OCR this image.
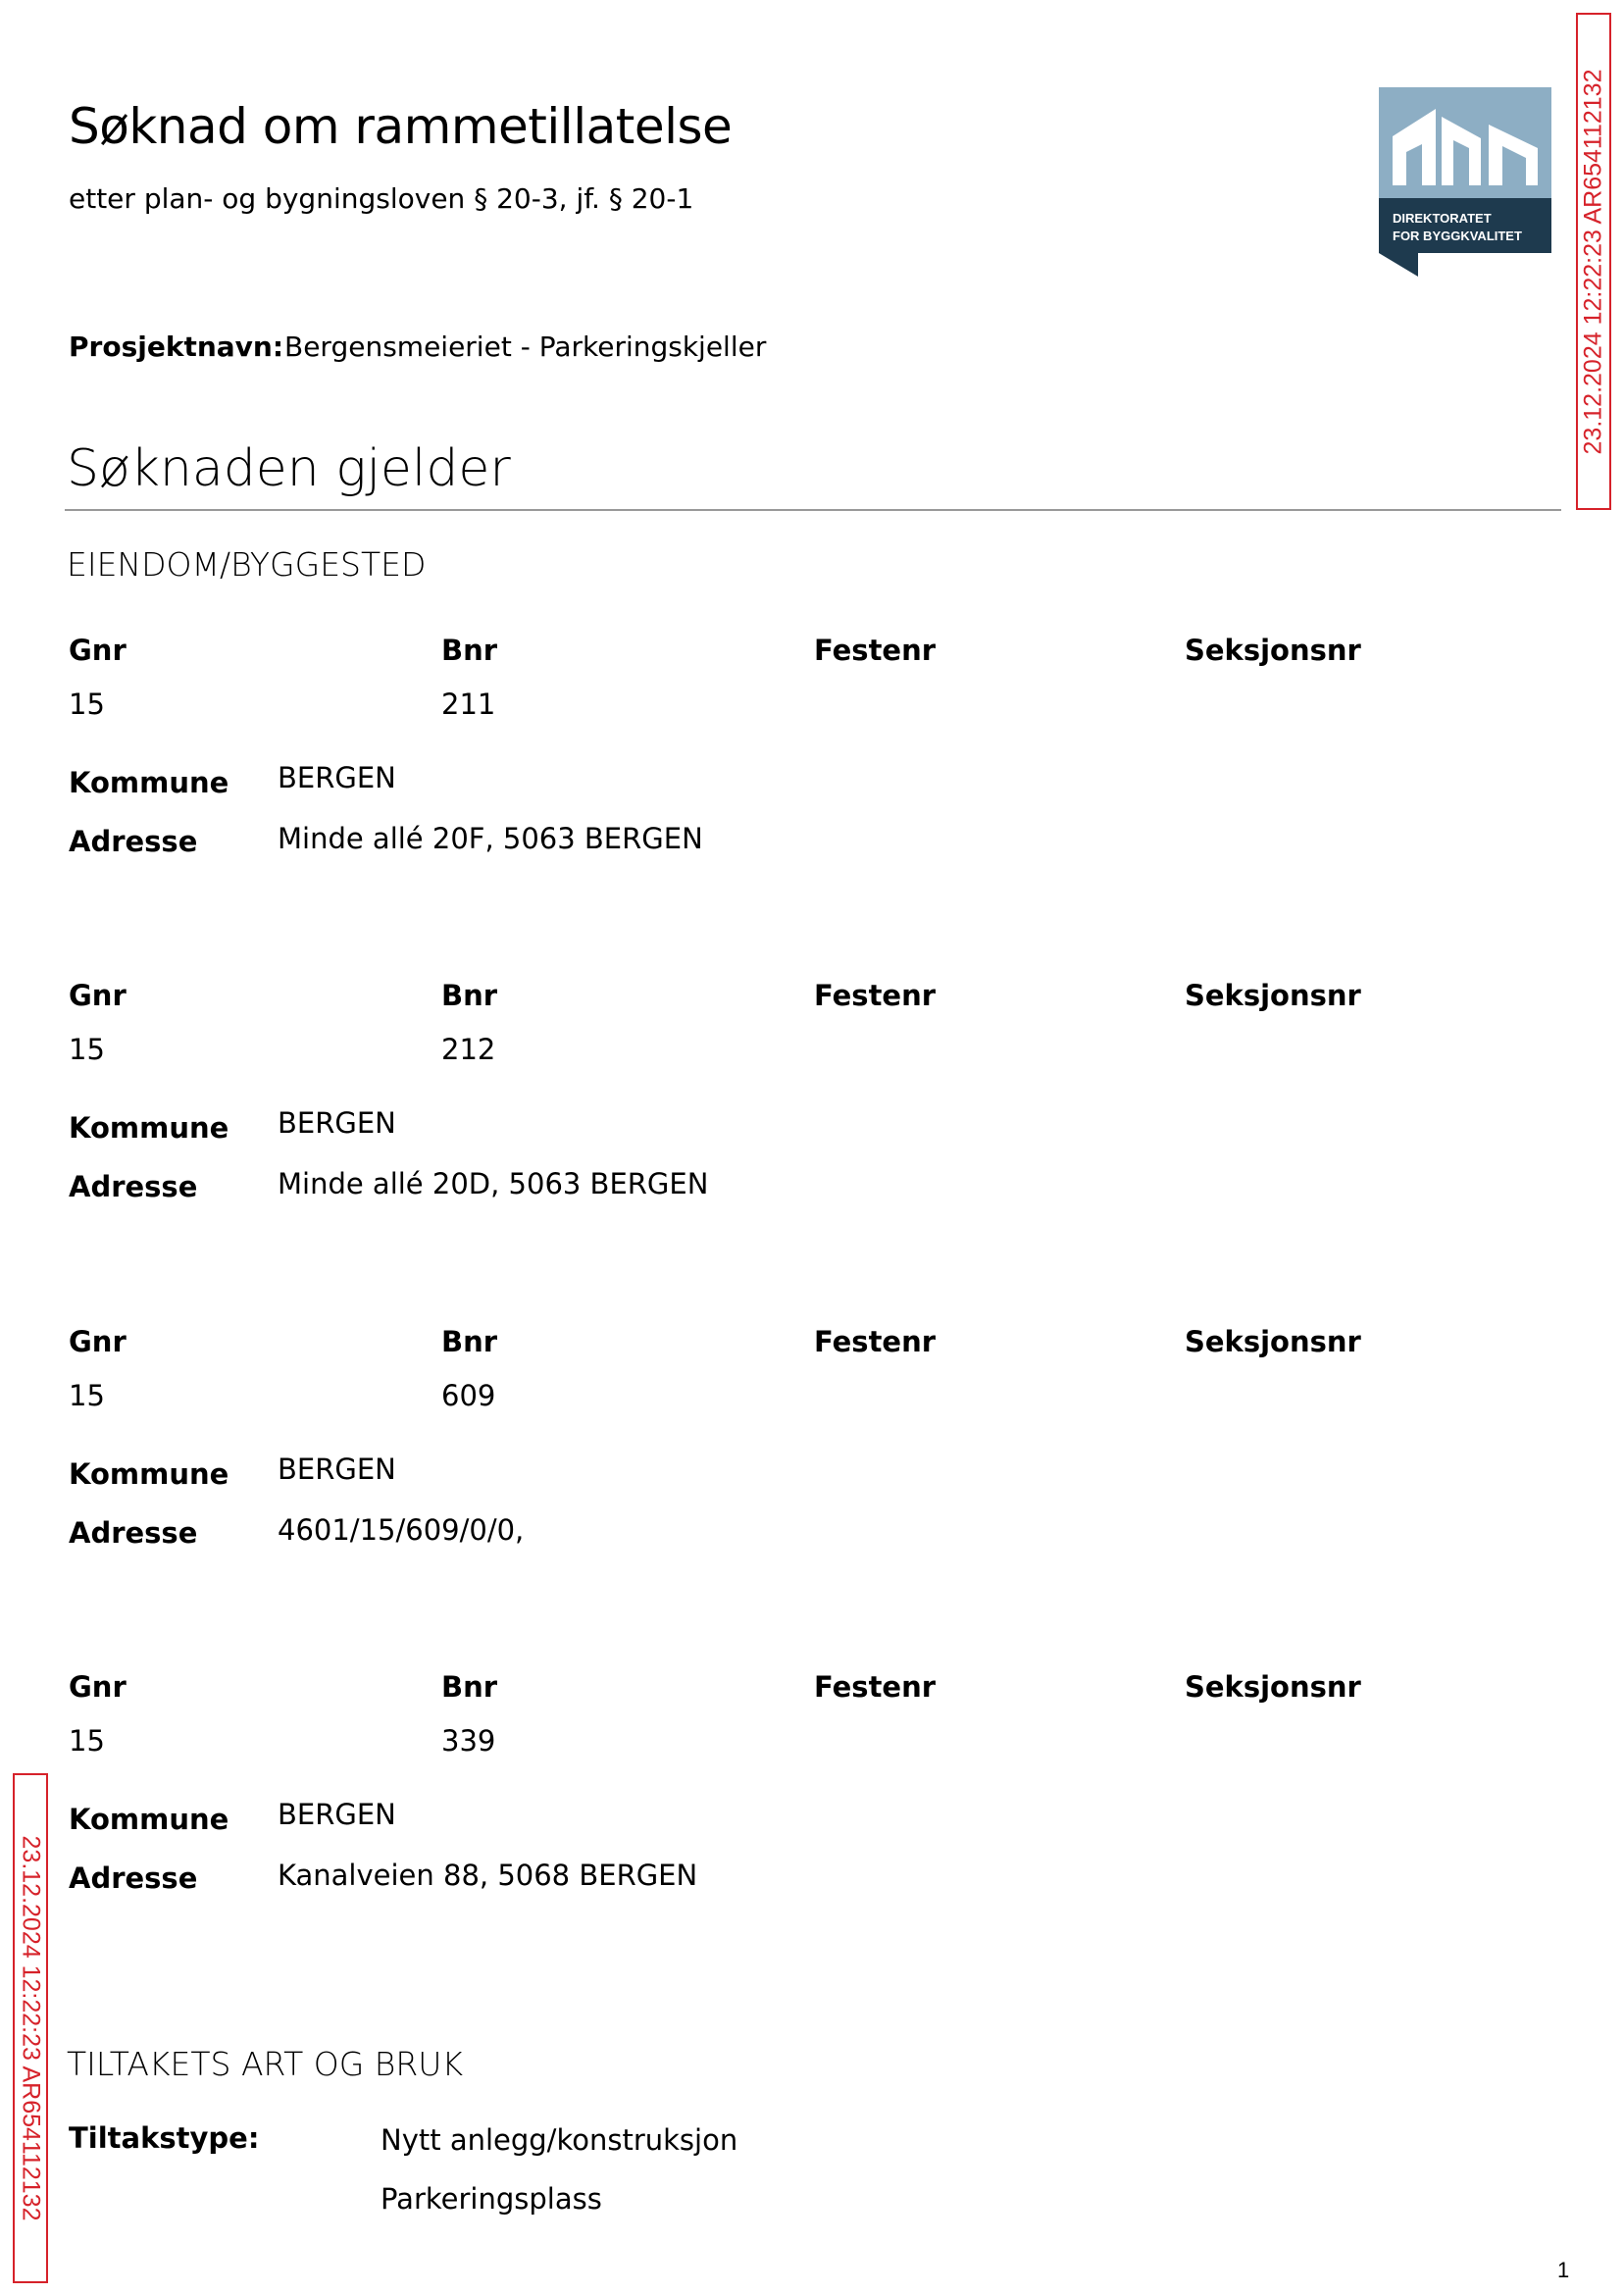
Søknad om rammetillatelse
etter plan- og bygningsloven § 20-3, jf. § 20-1
DIREKTORATET
FOR BYGGKVALITET 23.12.2024 12:22:23 AR654112132
23.12.2024 12:22:23 AR654112132
Prosjektnavn: Bergensmeieriet - Parkeringskjeller
Søknaden gjelder
EIENDOM/BYGGESTED
Gnr	Bnr	Festenr	Seksjonsnr
15	211
Kommune BERGEN
Adresse	Minde allé 20F, 5063 BERGEN
Gnr	Bnr	Festenr	Seksjonsnr
15	212
Kommune BERGEN
Adresse	Minde allé 20D, 5063 BERGEN
Gnr	Bnr	Festenr	Seksjonsnr
15	609
Kommune BERGEN
Adresse	4601/15/609/0/0,
Gnr	Bnr	Festenr	Seksjonsnr
15	339
Kommune BERGEN
Adresse	Kanalveien 88, 5068 BERGEN
TILTAKETS ART OG BRUK
Tiltakstype:	Nytt anlegg/konstruksjon
Parkeringsplass
1
